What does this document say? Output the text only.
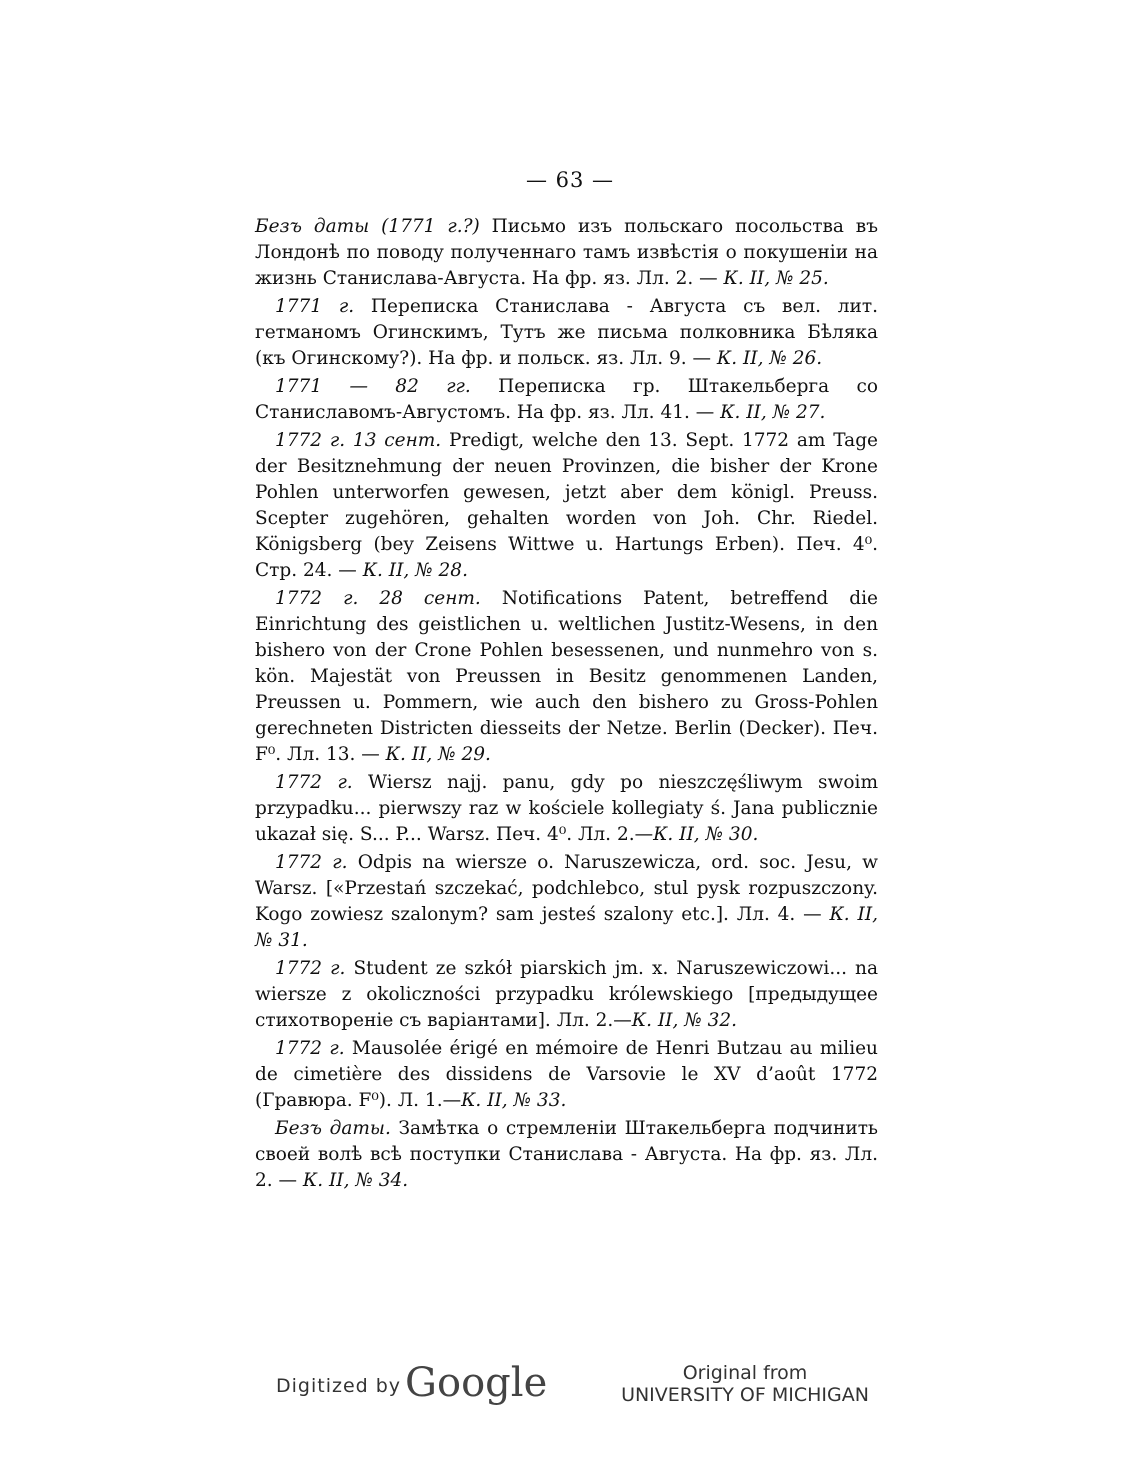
— 63 —

Безъ даты (1771 г.?) Письмо изъ польскаго посольства въ Лондонѣ по поводу полученнаго тамъ извѣстія о покушеніи на жизнь Станислава-Августа. На фр. яз. Лл. 2. — К. II, № 25.

1771 г. Переписка Станислава - Августа съ вел. лит. гетманомъ Огинскимъ, Тутъ же письма полковника Бѣляка (къ Огинскому?). На фр. и польск. яз. Лл. 9. — К. II, № 26.

1771 — 82 гг. Переписка гр. Штакельберга со Станиславомъ-Августомъ. На фр. яз. Лл. 41. — К. II, № 27.

1772 г. 13 сент. Predigt, welche den 13. Sept. 1772 am Tage der Besitznehmung der neuen Provinzen, die bisher der Krone Pohlen unterworfen gewesen, jetzt aber dem königl. Preuss. Scepter zugehören, gehalten worden von Joh. Chr. Riedel. Königsberg (bey Zeisens Wittwe u. Hartungs Erben). Печ. 4⁰. Стр. 24. — К. II, № 28.

1772 г. 28 сент. Notifications Patent, betreffend die Einrichtung des geistlichen u. weltlichen Justitz-Wesens, in den bishero von der Crone Pohlen besessenen, und nunmehro von s. kön. Majestät von Preussen in Besitz genommenen Landen, Preussen u. Pommern, wie auch den bishero zu Gross-Pohlen gerechneten Districten diesseits der Netze. Berlin (Decker). Печ. F⁰. Лл. 13. — К. II, № 29.

1772 г. Wiersz najj. panu, gdy po nieszczęśliwym swoim przypadku... pierwszy raz w kościele kollegiaty ś. Jana publicznie ukazał się. S... P... Warsz. Печ. 4⁰. Лл. 2.—К. II, № 30.

1772 г. Odpis na wiersze o. Naruszewicza, ord. soc. Jesu, w Warsz. [«Przestań szczekać, podchlebco, stul pysk rozpuszczony. Kogo zowiesz szalonym? sam jesteś szalony etc.]. Лл. 4. — К. II, № 31.

1772 г. Student ze szkół piarskich jm. x. Naruszewiczowi... na wiersze z okoliczności przypadku królewskiego [предыдущее стихотвореніе съ варіантами]. Лл. 2.—К. II, № 32.

1772 г. Mausolée érigé en mémoire de Henri Butzau au milieu de cimetière des dissidens de Varsovie le XV d’août 1772 (Гравюра. F⁰). Л. 1.—К. II, № 33.

Безъ даты. Замѣтка о стремленіи Штакельберга подчинить своей волѣ всѣ поступки Станислава - Августа. На фр. яз. Лл. 2. — К. II, № 34.

D᠎igitized by Google	Original from
UNIVERSITY OF MICHIGAN
